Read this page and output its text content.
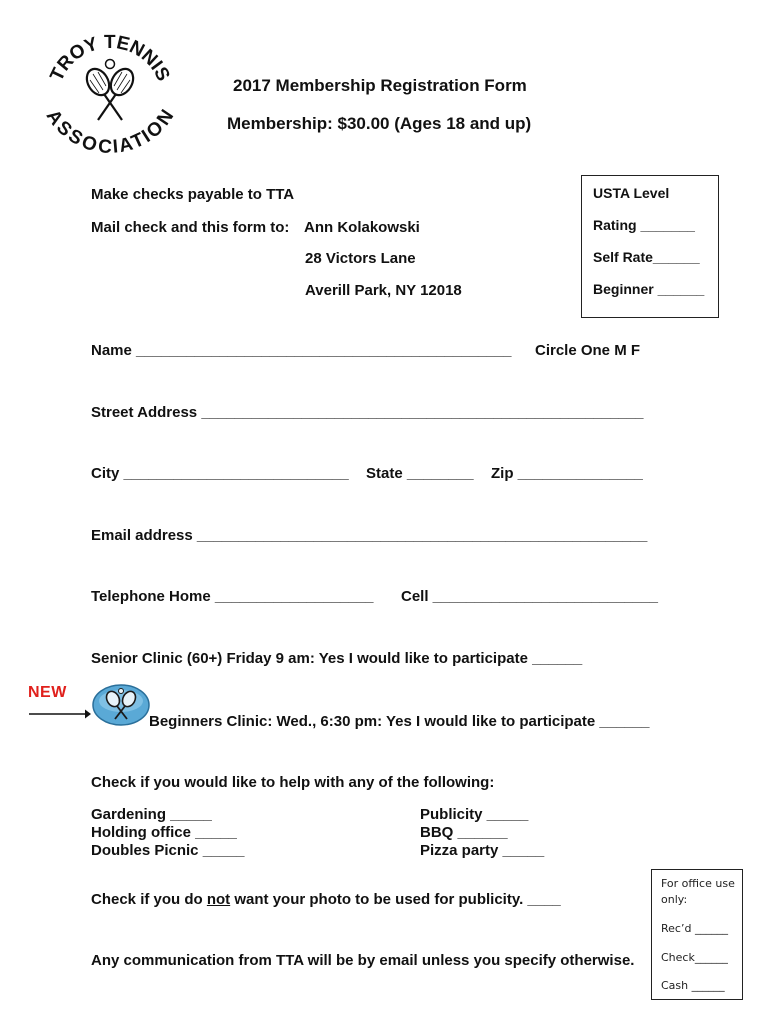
TROY TENNIS
ASSOCIATION
2017 Membership Registration Form
Membership: $30.00 (Ages 18 and up)
Make checks payable to TTA
Mail check and this form to: Ann Kolakowski
28 Victors Lane
Averill Park, NY 12018
USTA Level
Rating _______
Self Rate______
Beginner ______
Name _____________________________________________ Circle One M F
Street Address _____________________________________________________
City ___________________________ State ________ Zip _______________
Email address ______________________________________________________
Telephone Home ___________________ Cell ___________________________
Senior Clinic (60+) Friday 9 am: Yes I would like to participate ______
NEW
Beginners Clinic: Wed., 6:30 pm: Yes I would like to participate ______
Check if you would like to help with any of the following:
Gardening _____
Holding office _____
Doubles Picnic _____
Publicity _____
BBQ ______
Pizza party _____
Check if you do not want your photo to be used for publicity. ____
Any communication from TTA will be by email unless you specify otherwise.
For office use
only:
Rec’d ______
Check______
Cash ______
